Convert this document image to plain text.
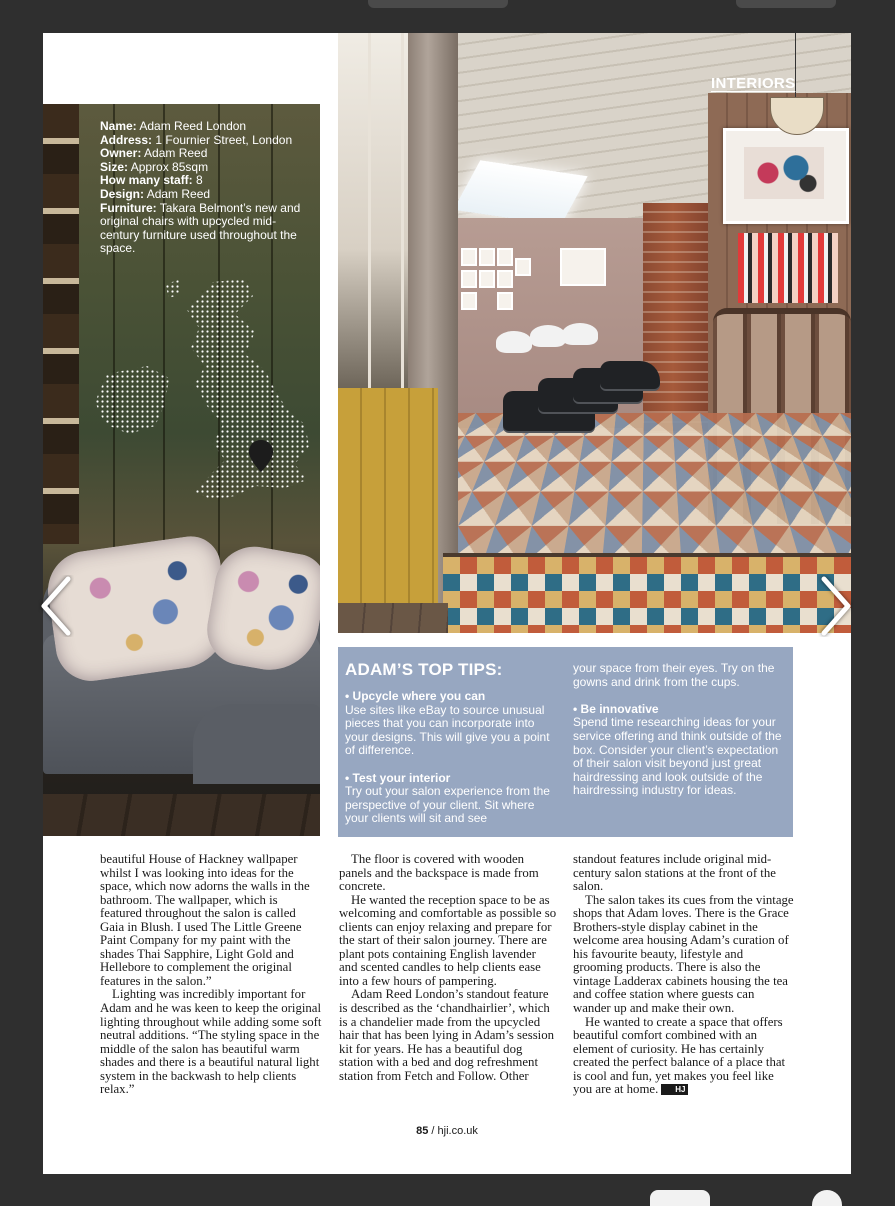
Name: Adam Reed London
Address: 1 Fournier Street, London
Owner: Adam Reed
Size: Approx 85sqm
How many staff: 8
Design: Adam Reed
Furniture: Takara Belmont’s new and original chairs with upcycled mid-century furniture used throughout the space.
INTERIORS
ADAM’S TOP TIPS:
• Upcycle where you can
Use sites like eBay to source unusual pieces that you can incorporate into your designs. This will give you a point of difference.
• Test your interior
Try out your salon experience from the perspective of your client. Sit where your clients will sit and see
your space from their eyes. Try on the gowns and drink from the cups.
• Be innovative
Spend time researching ideas for your service offering and think outside of the box. Consider your client’s expectation of their salon visit beyond just great hairdressing and look outside of the hairdressing industry for ideas.

beautiful House of Hackney wallpaper whilst I was looking into ideas for the space, which now adorns the walls in the bathroom. The wallpaper, which is featured throughout the salon is called Gaia in Blush. I used The Little Greene Paint Company for my paint with the shades Thai Sapphire, Light Gold and Hellebore to complement the original features in the salon.”

Lighting was incredibly important for Adam and he was keen to keep the original lighting throughout while adding some soft neutral additions. “The styling space in the middle of the salon has beautiful warm shades and there is a beautiful natural light system in the backwash to help clients relax.”

The floor is covered with wooden panels and the backspace is made from concrete.

He wanted the reception space to be as welcoming and comfortable as possible so clients can enjoy relaxing and prepare for the start of their salon journey. There are plant pots containing English lavender and scented candles to help clients ease into a few hours of pampering.

Adam Reed London’s standout feature is described as the ‘chandhairlier’, which is a chandelier made from the upcycled hair that has been lying in Adam’s session kit for years. He has a beautiful dog station with a bed and dog refreshment station from Fetch and Follow. Other

standout features include original mid-century salon stations at the front of the salon.

The salon takes its cues from the vintage shops that Adam loves. There is the Grace Brothers-style display cabinet in the welcome area housing Adam’s curation of his favourite beauty, lifestyle and grooming products. There is also the vintage Ladderax cabinets housing the tea and coffee station where guests can wander up and make their own.

He wanted to create a space that offers beautiful comfort combined with an element of curiosity. He has certainly created the perfect balance of a place that is cool and fun, yet makes you feel like you are at home. HJ

85 / hji.co.uk
